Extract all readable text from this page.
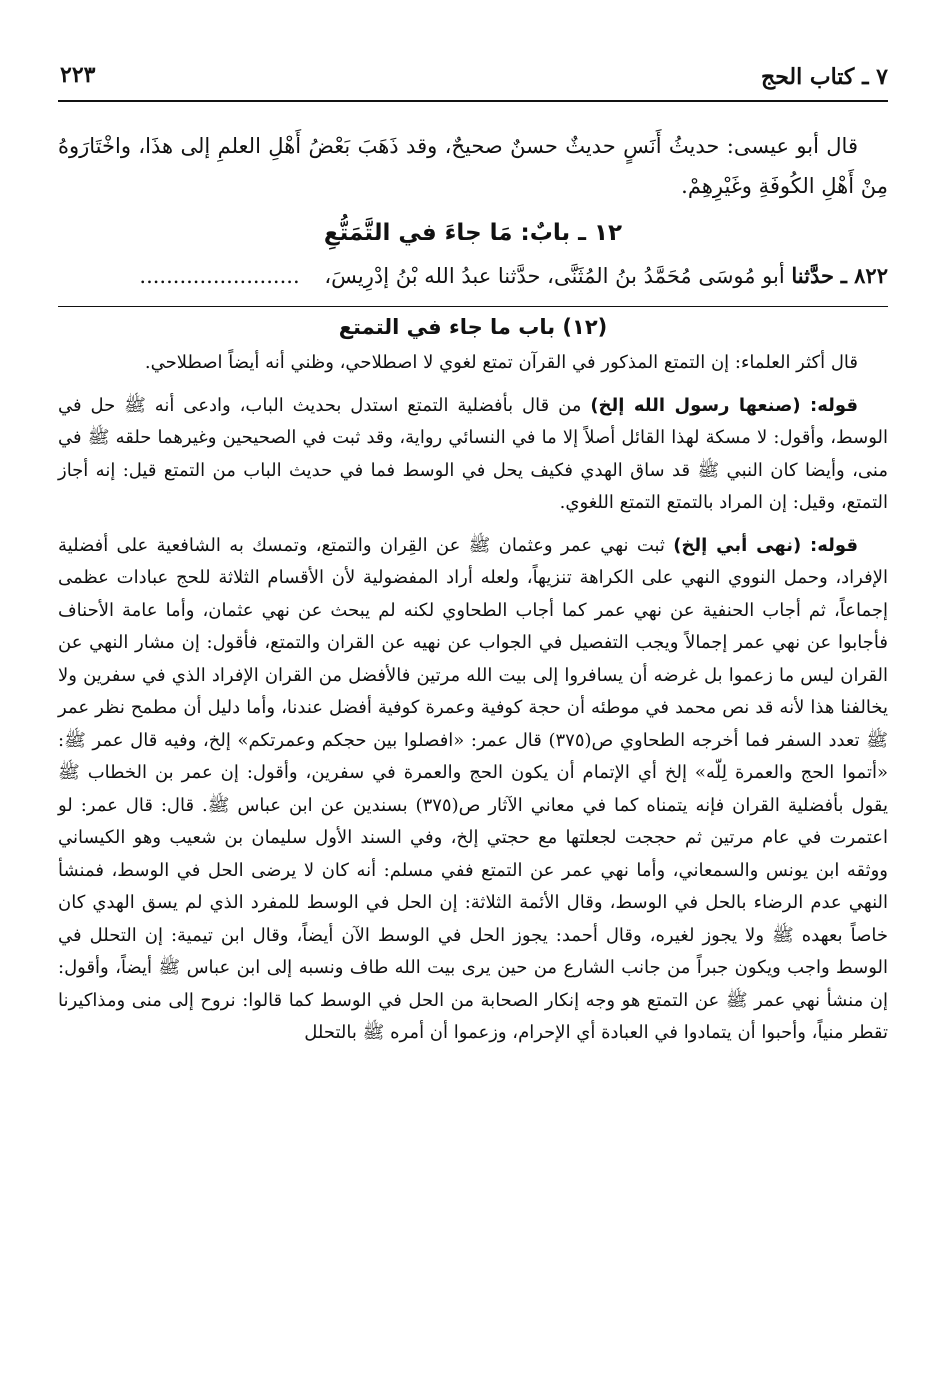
٧ ـ كتاب الحج
٢٢٣

قال أبو عيسى: حديثُ أَنَسٍ حديثٌ حسنٌ صحيحٌ، وقد ذَهَبَ بَعْضُ أَهْلِ العلمِ إلى هذَا، واخْتَارَوهُ مِنْ أَهْلِ الكُوفَةِ وغَيْرِهِمْ.

١٢ ـ بابٌ: مَا جاءَ في التَّمَتُّعِ
٨٢٢ ـ حدَّثنا أبو مُوسَى مُحَمَّدُ بنُ المُثَنَّى، حدَّثنا عبدُ الله بْنُ إدْرِيسَ، ........................
(١٢) باب ما جاء في التمتع

قال أكثر العلماء: إن التمتع المذكور في القرآن تمتع لغوي لا اصطلاحي، وظني أنه أيضاً اصطلاحي.

قوله: (صنعها رسول الله إلخ) من قال بأفضلية التمتع استدل بحديث الباب، وادعى أنه ﷺ حل في الوسط، وأقول: لا مسكة لهذا القائل أصلاً إلا ما في النسائي رواية، وقد ثبت في الصحيحين وغيرهما حلقه ﷺ في منى، وأيضا كان النبي ﷺ قد ساق الهدي فكيف يحل في الوسط فما في حديث الباب من التمتع قيل: إنه أجاز التمتع، وقيل: إن المراد بالتمتع التمتع اللغوي.

قوله: (نهى أبي إلخ) ثبت نهي عمر وعثمان ﷺ عن القِران والتمتع، وتمسك به الشافعية على أفضلية الإفراد، وحمل النووي النهي على الكراهة تنزيهاً، ولعله أراد المفضولية لأن الأقسام الثلاثة للحج عبادات عظمى إجماعاً، ثم أجاب الحنفية عن نهي عمر كما أجاب الطحاوي لكنه لم يبحث عن نهي عثمان، وأما عامة الأحناف فأجابوا عن نهي عمر إجمالاً ويجب التفصيل في الجواب عن نهيه عن القران والتمتع، فأقول: إن مشار النهي عن القران ليس ما زعموا بل غرضه أن يسافروا إلى بيت الله مرتين فالأفضل من القران الإفراد الذي في سفرين ولا يخالفنا هذا لأنه قد نص محمد في موطئه أن حجة كوفية وعمرة كوفية أفضل عندنا، وأما دليل أن مطمح نظر عمر ﷺ تعدد السفر فما أخرجه الطحاوي ص(٣٧٥) قال عمر: «افصلوا بين حجكم وعمرتكم» إلخ، وفيه قال عمر ﷺ: «أتموا الحج والعمرة لِلّه» إلخ أي الإتمام أن يكون الحج والعمرة في سفرين، وأقول: إن عمر بن الخطاب ﷺ يقول بأفضلية القران فإنه يتمناه كما في معاني الآثار ص(٣٧٥) بسندين عن ابن عباس ﷺ. قال: قال عمر: لو اعتمرت في عام مرتين ثم حججت لجعلتها مع حجتي إلخ، وفي السند الأول سليمان بن شعيب وهو الكيساني ووثقه ابن يونس والسمعاني، وأما نهي عمر عن التمتع ففي مسلم: أنه كان لا يرضى الحل في الوسط، فمنشأ النهي عدم الرضاء بالحل في الوسط، وقال الأئمة الثلاثة: إن الحل في الوسط للمفرد الذي لم يسق الهدي كان خاصاً بعهده ﷺ ولا يجوز لغيره، وقال أحمد: يجوز الحل في الوسط الآن أيضاً، وقال ابن تيمية: إن التحلل في الوسط واجب ويكون جبراً من جانب الشارع من حين يرى بيت الله طاف ونسبه إلى ابن عباس ﷺ أيضاً، وأقول: إن منشأ نهي عمر ﷺ عن التمتع هو وجه إنكار الصحابة من الحل في الوسط كما قالوا: نروح إلى منى ومذاكيرنا تقطر منياً، وأحبوا أن يتمادوا في العبادة أي الإحرام، وزعموا أن أمره ﷺ بالتحلل
